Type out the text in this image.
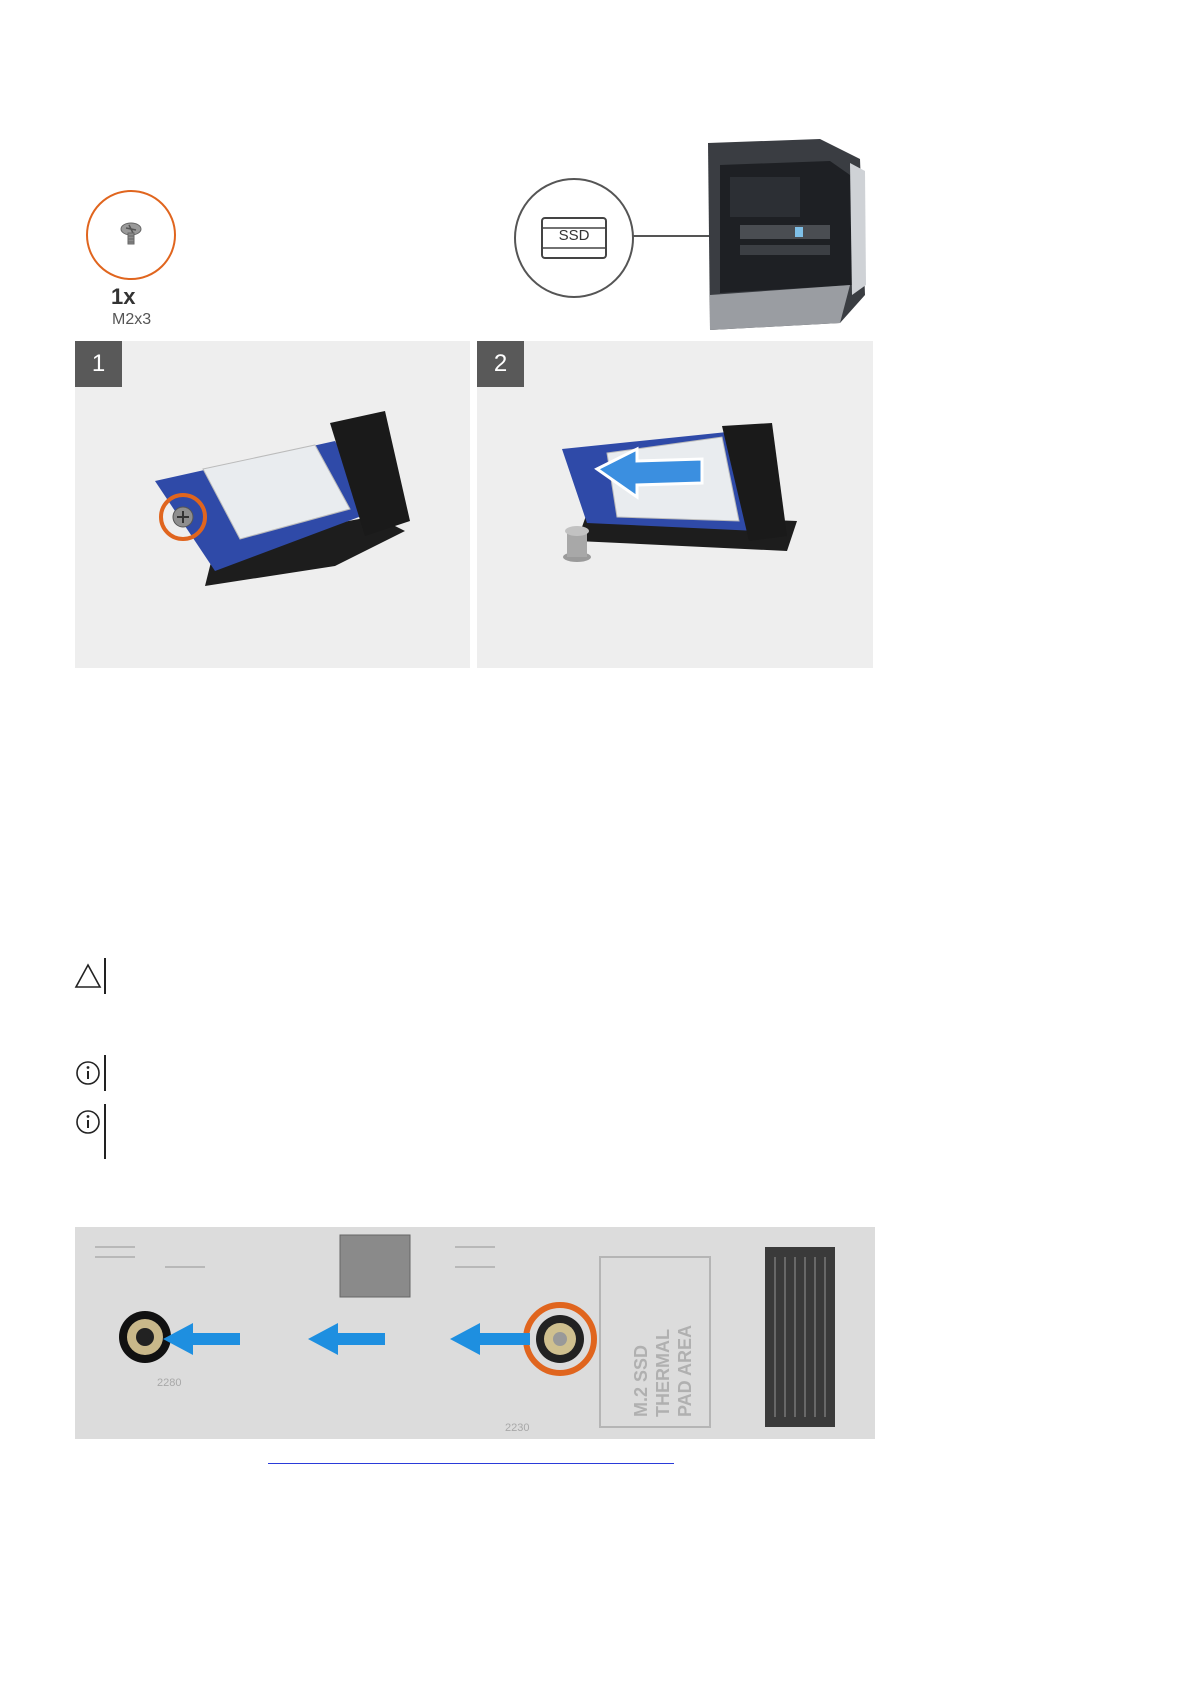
1x
M2x3
SSD
1	2
M.2 SSD THERMAL PAD AREA
2280
2230
